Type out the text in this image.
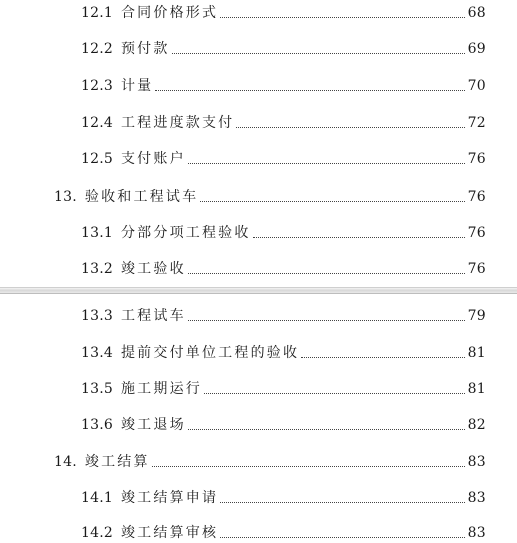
12.1 合同价格形式	68
12.2 预付款	69
12.3 计量	70
12.4 工程进度款支付	72
12.5 支付账户	76
13. 验收和工程试车	76
13.1 分部分项工程验收	76
13.2 竣工验收	76
13.3 工程试车	79
13.4 提前交付单位工程的验收	81
13.5 施工期运行	81
13.6 竣工退场	82
14. 竣工结算	83
14.1 竣工结算申请	83
14.2 竣工结算审核	83
